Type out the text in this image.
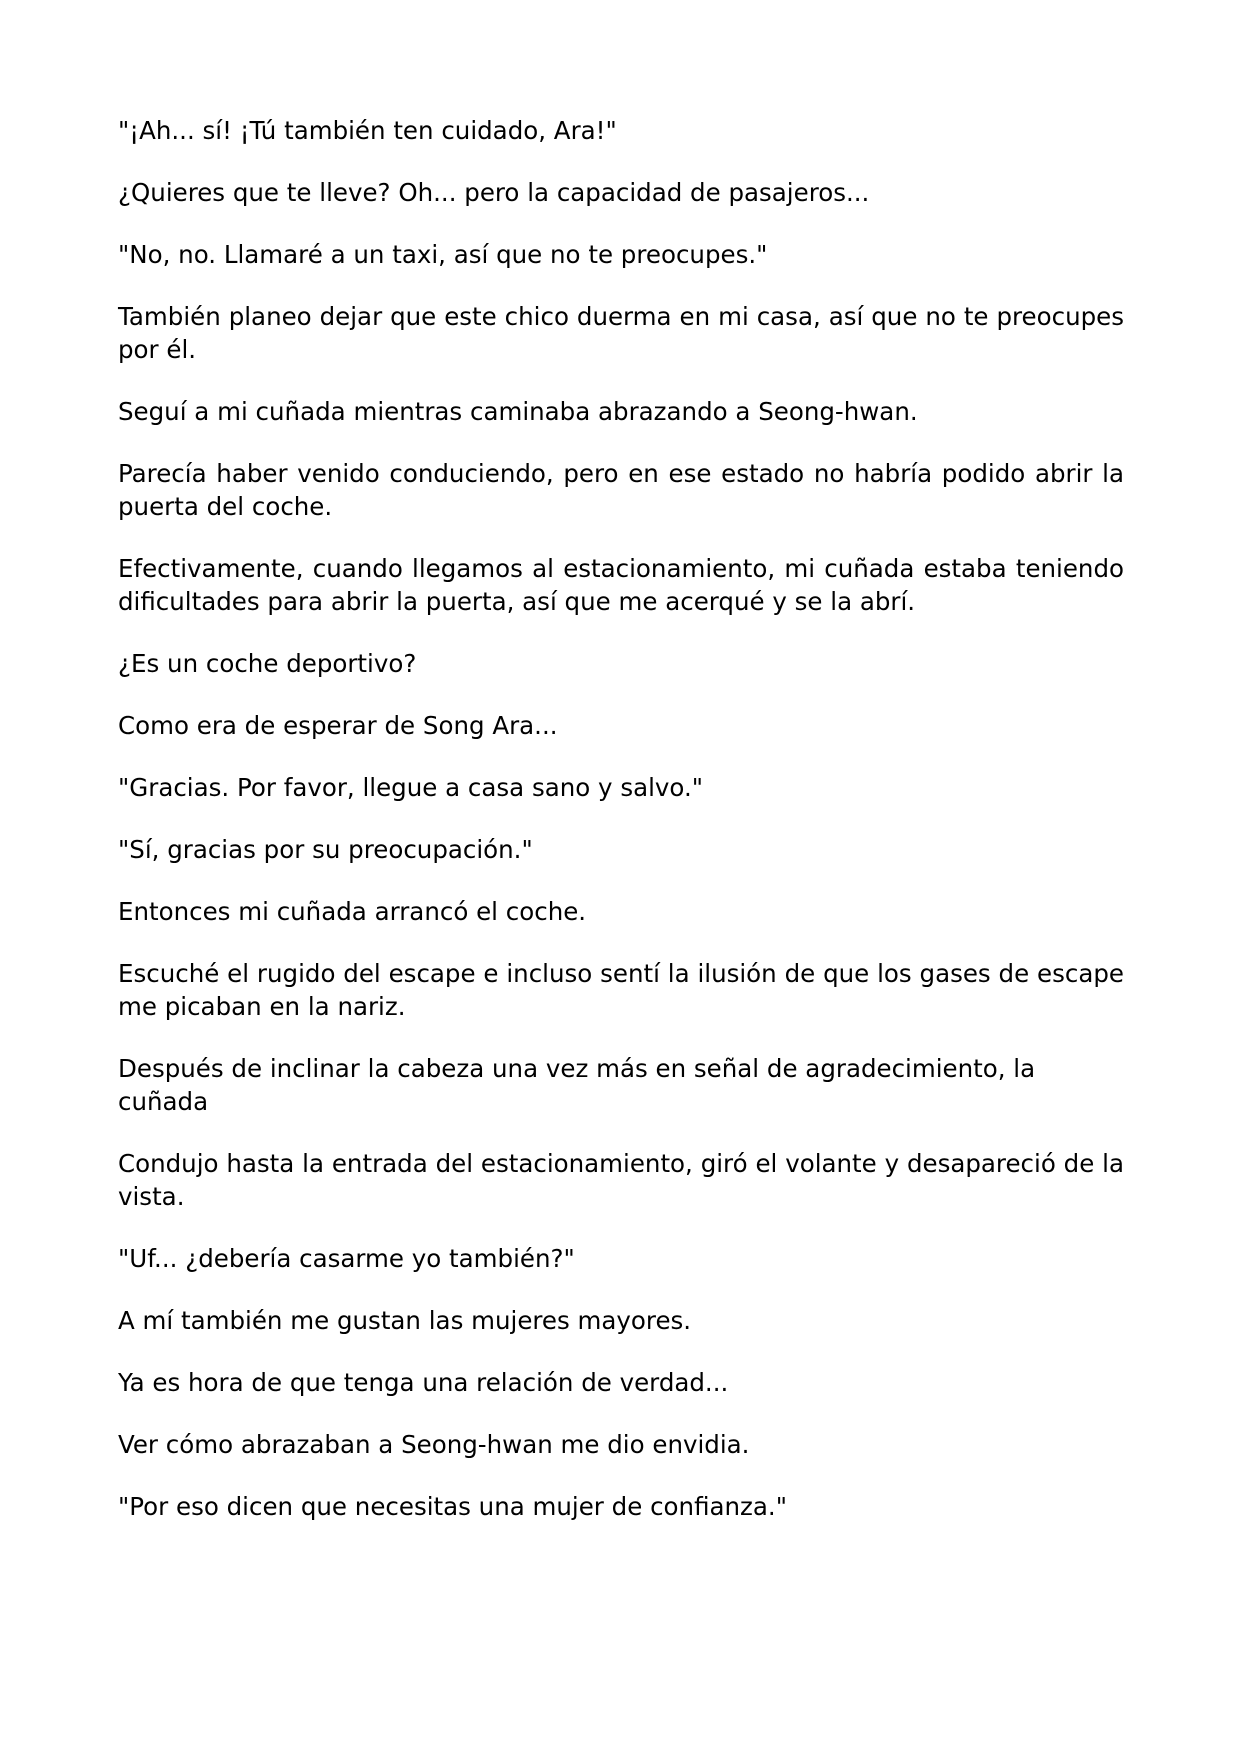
"¡Ah... sí! ¡Tú también ten cuidado, Ara!"

¿Quieres que te lleve? Oh... pero la capacidad de pasajeros...

"No, no. Llamaré a un taxi, así que no te preocupes."

También planeo dejar que este chico duerma en mi casa, así que no te preocupes por él.

Seguí a mi cuñada mientras caminaba abrazando a Seong-hwan.

Parecía haber venido conduciendo, pero en ese estado no habría podido abrir la puerta del coche.

Efectivamente, cuando llegamos al estacionamiento, mi cuñada estaba teniendo dificultades para abrir la puerta, así que me acerqué y se la abrí.

¿Es un coche deportivo?

Como era de esperar de Song Ara...

"Gracias. Por favor, llegue a casa sano y salvo."

"Sí, gracias por su preocupación."

Entonces mi cuñada arrancó el coche.

Escuché el rugido del escape e incluso sentí la ilusión de que los gases de escape me picaban en la nariz.

Después de inclinar la cabeza una vez más en señal de agradecimiento, la cuñada

Condujo hasta la entrada del estacionamiento, giró el volante y desapareció de la vista.

"Uf... ¿debería casarme yo también?"

A mí también me gustan las mujeres mayores.

Ya es hora de que tenga una relación de verdad...

Ver cómo abrazaban a Seong-hwan me dio envidia.

"Por eso dicen que necesitas una mujer de confianza."
